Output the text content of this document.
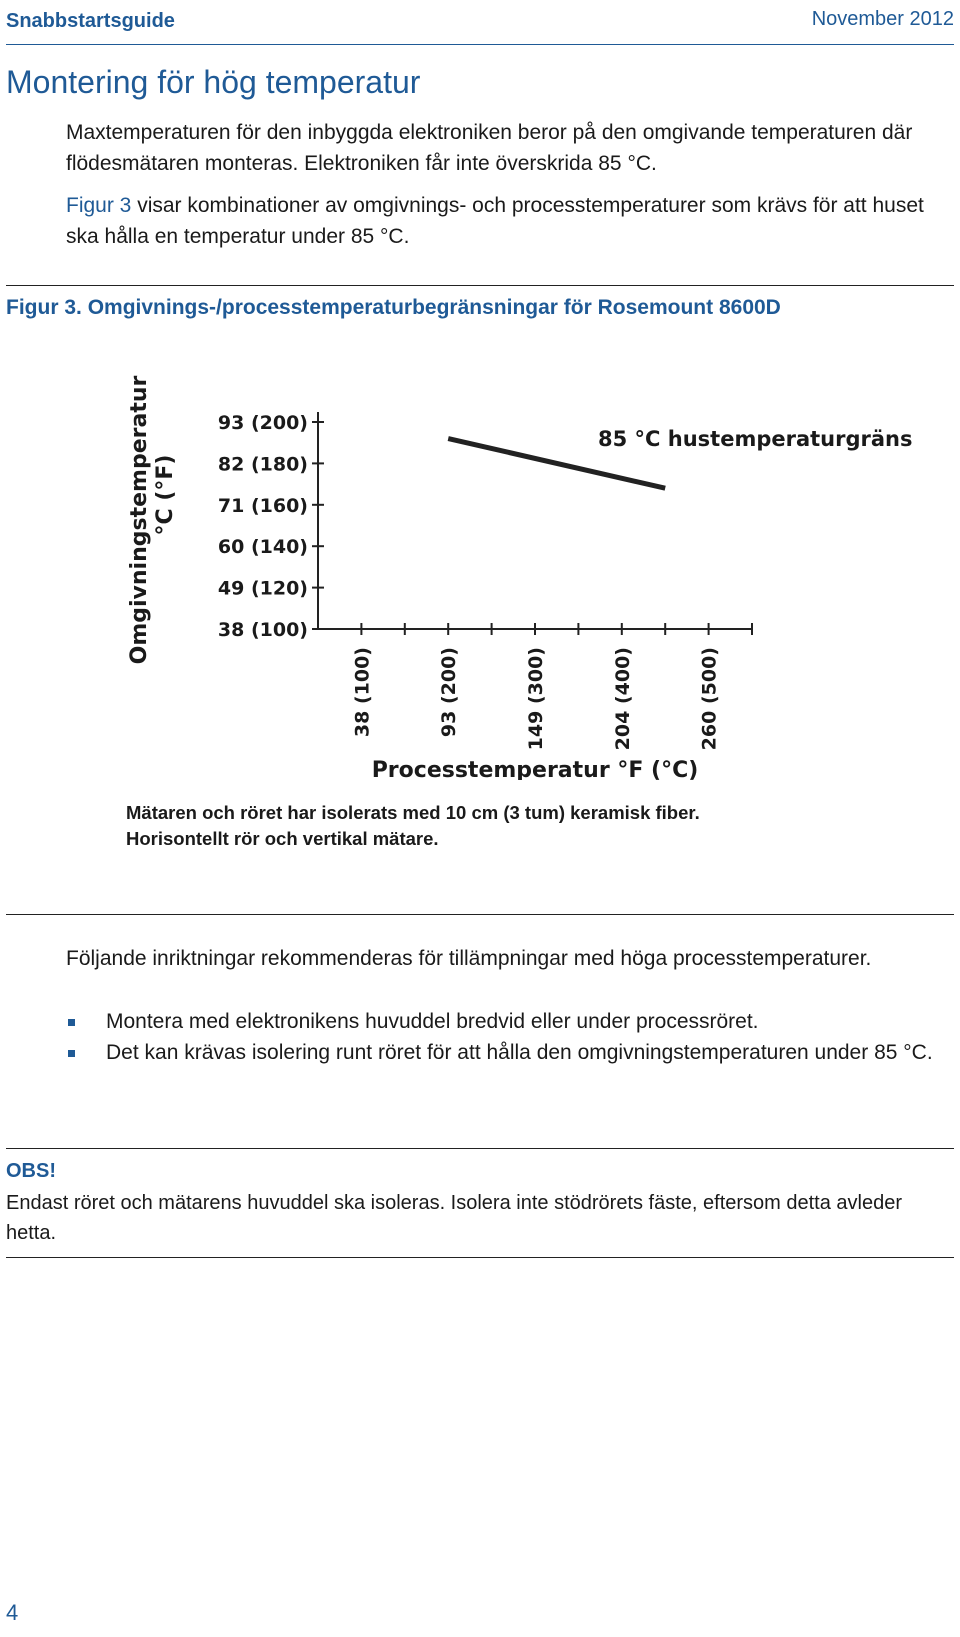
Snabbstartsguide	November 2012
Montering för hög temperatur

Maxtemperaturen för den inbyggda elektroniken beror på den omgivande temperaturen där flödesmätaren monteras. Elektroniken får inte överskrida 85 °C.

Figur 3 visar kombinationer av omgivnings- och processtemperaturer som krävs för att huset ska hålla en temperatur under 85 °C.

Figur 3. Omgivnings-/processtemperaturbegränsningar för Rosemount 8600D
93 (200)
82 (180)
71 (160)
60 (140)
49 (120)
38 (100)
38 (100)	93 (200)	149 (300)	204 (400)	260 (500)
85 °C hustemperaturgräns
Omgivningstemperatur °C (°F)
Processtemperatur °F (°C)
Mätaren och röret har isolerats med 10 cm (3 tum) keramisk fiber.
Horisontellt rör och vertikal mätare.

Följande inriktningar rekommenderas för tillämpningar med höga processtemperaturer.

Montera med elektronikens huvuddel bredvid eller under processröret.
Det kan krävas isolering runt röret för att hålla den omgivningstemperaturen under 85 °C.
OBS!

Endast röret och mätarens huvuddel ska isoleras. Isolera inte stödrörets fäste, eftersom detta avleder hetta.

4
